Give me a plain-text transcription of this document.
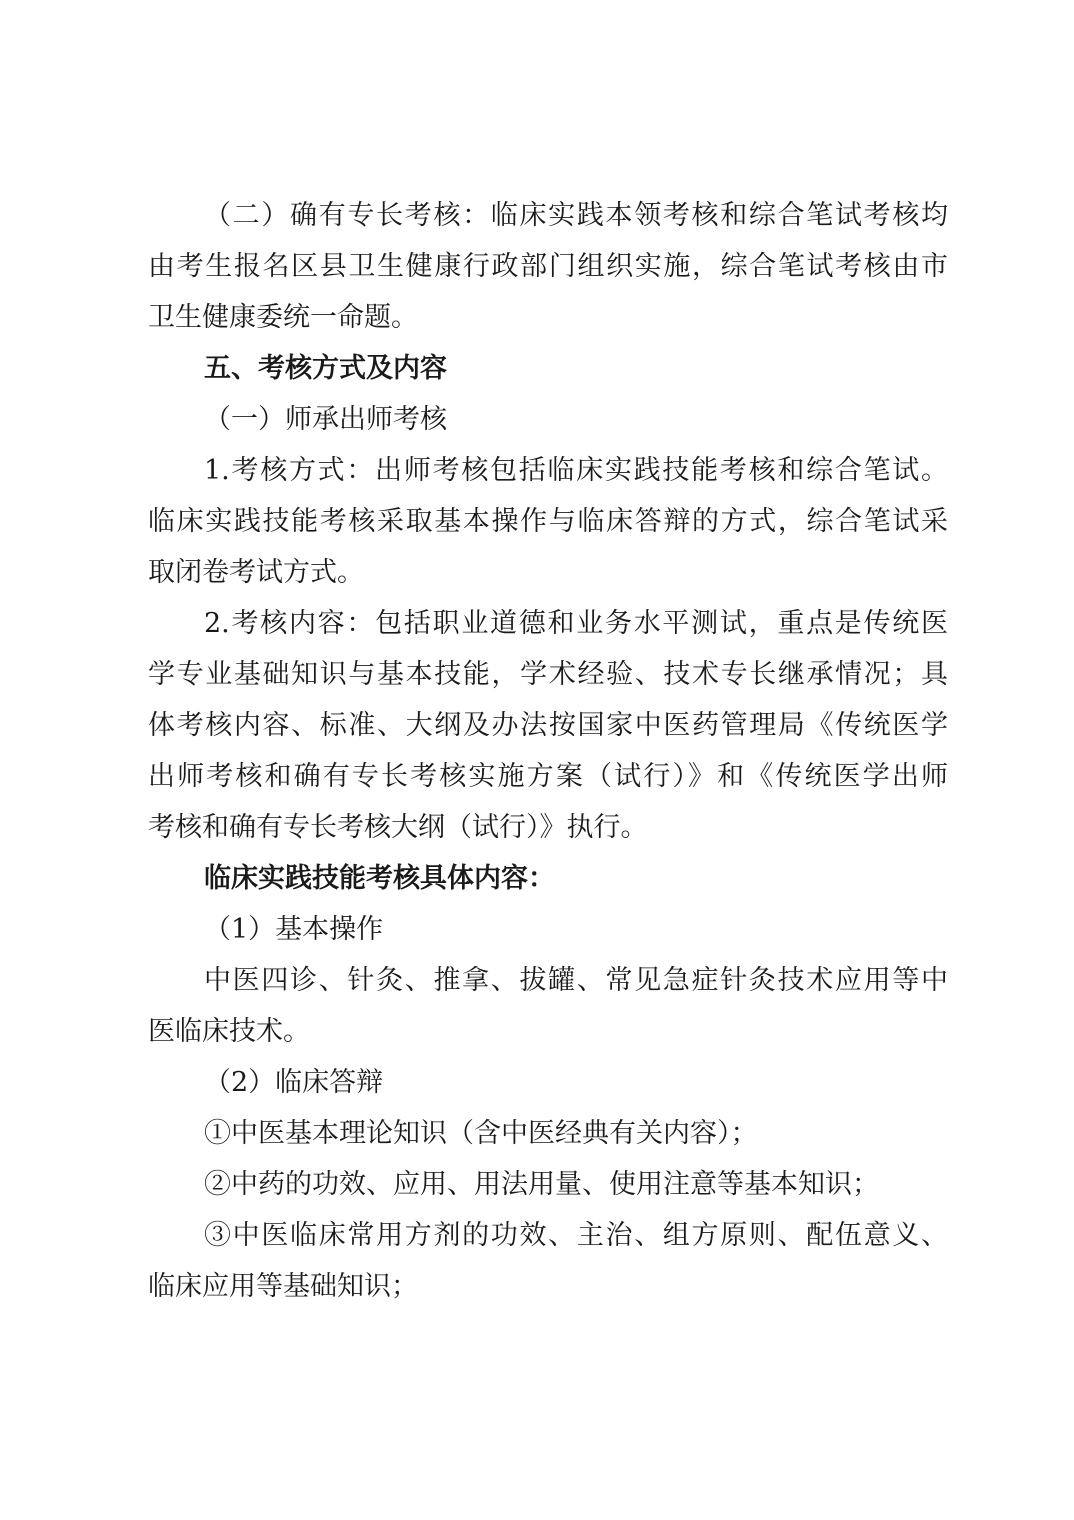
（二）确有专长考核：临床实践本领考核和综合笔试考核均
由考生报名区县卫生健康行政部门组织实施，综合笔试考核由市
卫生健康委统一命题。
五、考核方式及内容
（一）师承出师考核
1.考核方式：出师考核包括临床实践技能考核和综合笔试。
临床实践技能考核采取基本操作与临床答辩的方式，综合笔试采
取闭卷考试方式。
2.考核内容：包括职业道德和业务水平测试，重点是传统医
学专业基础知识与基本技能，学术经验、技术专长继承情况；具
体考核内容、标准、大纲及办法按国家中医药管理局《传统医学
出师考核和确有专长考核实施方案（试行）》和《传统医学出师
考核和确有专长考核大纲（试行）》执行。
临床实践技能考核具体内容：
（1）基本操作
中医四诊、针灸、推拿、拔罐、常见急症针灸技术应用等中
医临床技术。
（2）临床答辩
①中医基本理论知识（含中医经典有关内容）；
②中药的功效、应用、用法用量、使用注意等基本知识；
③中医临床常用方剂的功效、主治、组方原则、配伍意义、
临床应用等基础知识；
